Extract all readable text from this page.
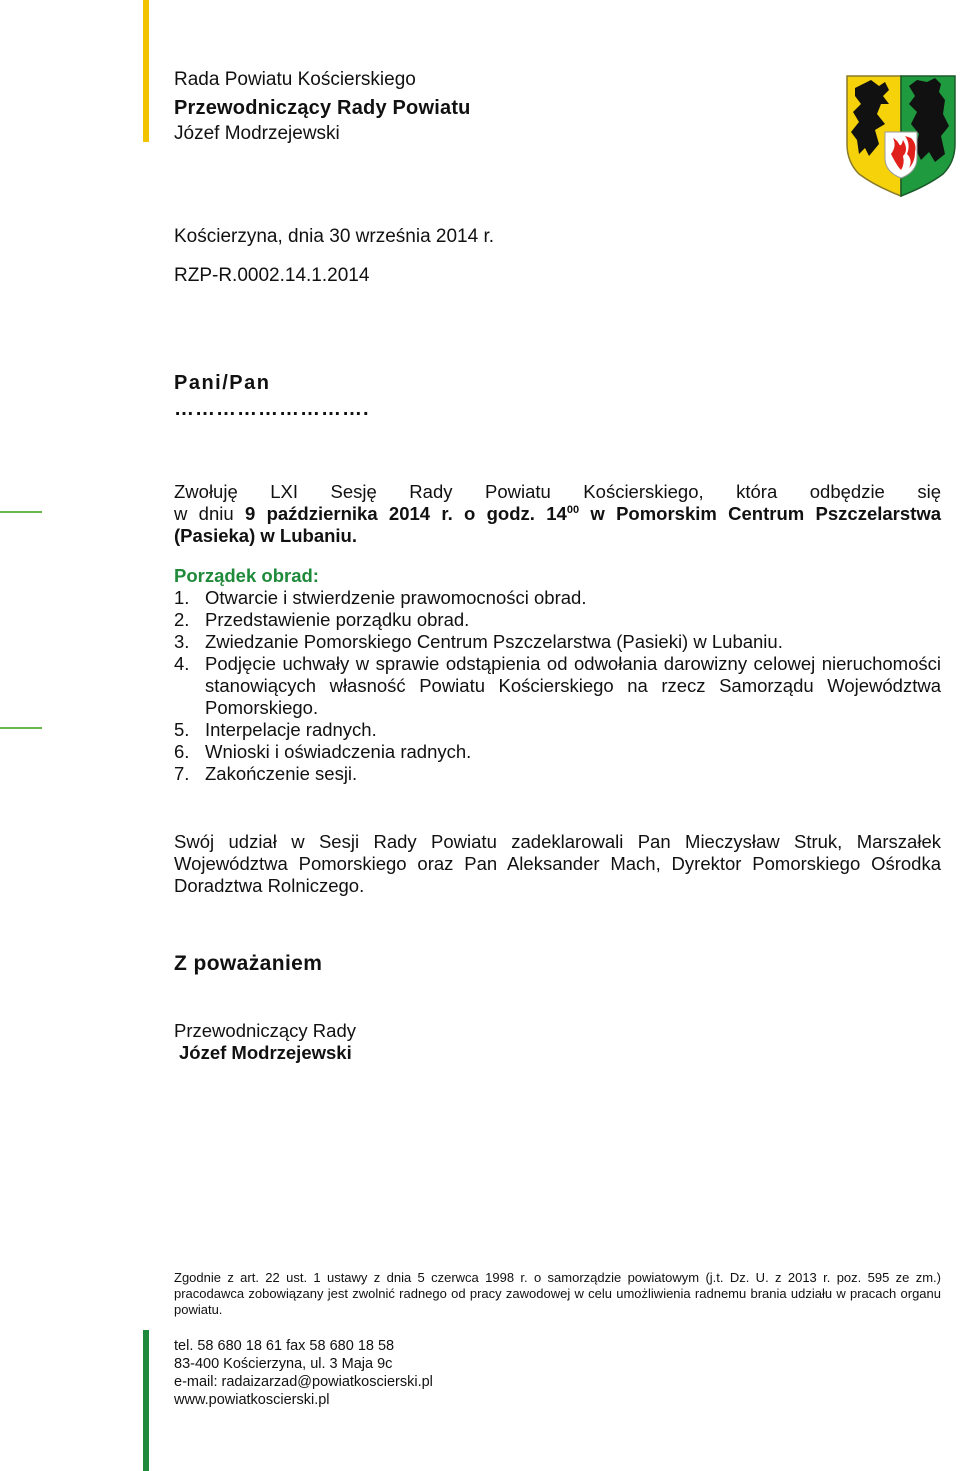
Rada Powiatu Kościerskiego
Przewodniczący Rady Powiatu
Józef Modrzejewski
Kościerzyna, dnia 30 września 2014 r.
RZP-R.0002.14.1.2014
Pani/Pan
……………………….
Zwołuję LXI Sesję Rady Powiatu Kościerskiego, która odbędzie się
w dniu 9 października 2014 r. o godz. $14^{00}$ w Pomorskim Centrum Pszczelarstwa
(Pasieka) w Lubaniu.
Porządek obrad:
1. Otwarcie i stwierdzenie prawomocności obrad.
2. Przedstawienie porządku obrad.
3. Zwiedzanie Pomorskiego Centrum Pszczelarstwa (Pasieki) w Lubaniu.
4. Podjęcie uchwały w sprawie odstąpienia od odwołania darowizny celowej nieruchomości stanowiących własność Powiatu Kościerskiego na rzecz Samorządu Województwa Pomorskiego.
5. Interpelacje radnych.
6. Wnioski i oświadczenia radnych.
7. Zakończenie sesji.
Swój udział w Sesji Rady Powiatu zadeklarowali Pan Mieczysław Struk, Marszałek Województwa Pomorskiego oraz Pan Aleksander Mach, Dyrektor Pomorskiego Ośrodka Doradztwa Rolniczego.
Z poważaniem
Przewodniczący Rady
Józef Modrzejewski
Zgodnie z art. 22 ust. 1 ustawy z dnia 5 czerwca 1998 r. o samorządzie powiatowym (j.t. Dz. U. z 2013 r. poz. 595 ze zm.) pracodawca zobowiązany jest zwolnić radnego od pracy zawodowej w celu umożliwienia radnemu brania udziału w pracach organu powiatu.
tel. 58 680 18 61 fax 58 680 18 58
83-400 Kościerzyna, ul. 3 Maja 9c
e-mail: radaizarzad@powiatkoscierski.pl
www.powiatkoscierski.pl
